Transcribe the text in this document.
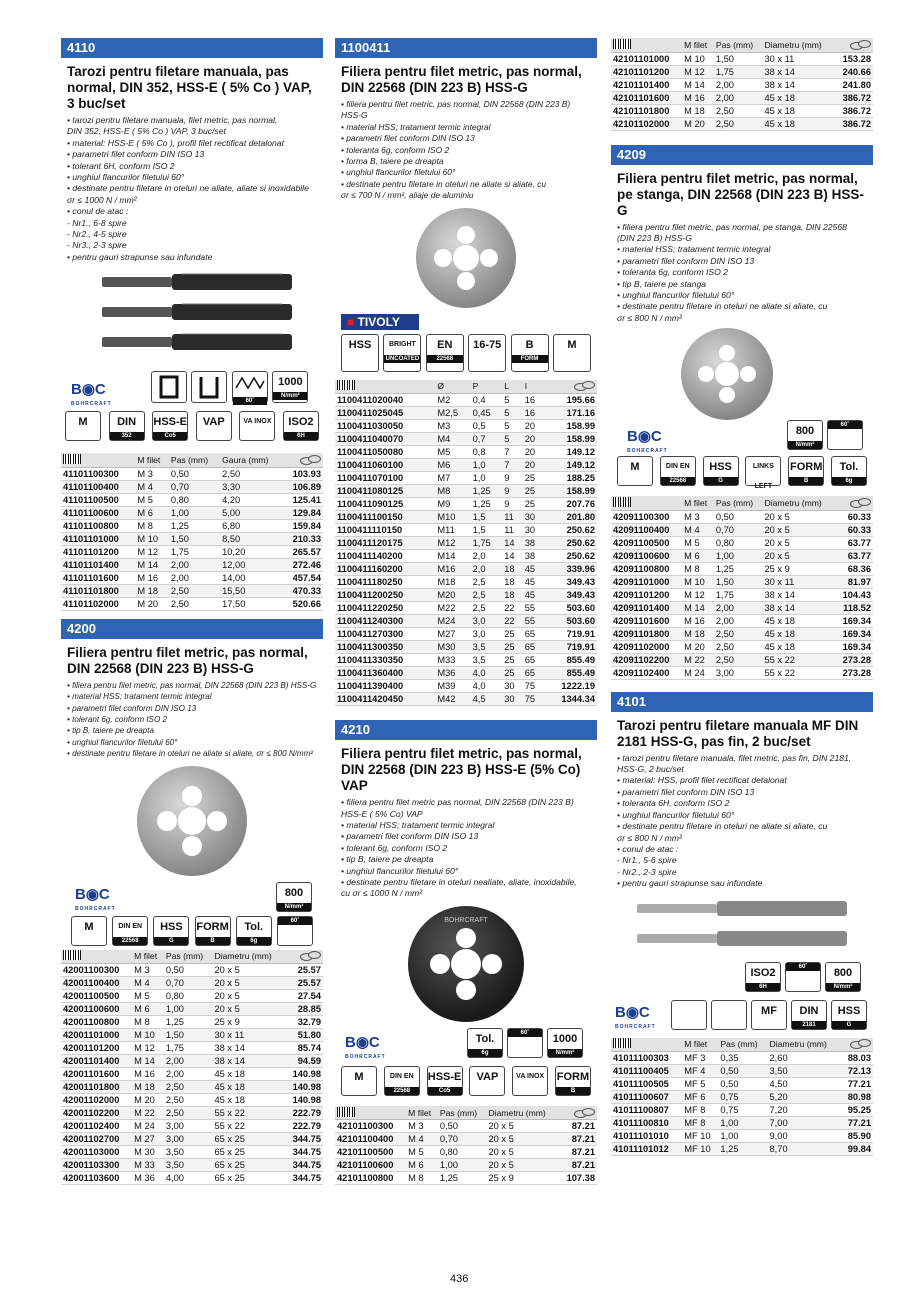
4110
Tarozi pentru filetare manuala, pas normal, DIN 352, HSS-E ( 5% Co ) VAP, 3 buc/set
• tarozi pentru filetare manuala, filet metric, pas normal,
DIN 352, HSS-E ( 5% Co ) VAP, 3 buc/set
• material: HSS-E ( 5% Co ), profil filet rectificat detalonat
• parametri filet conform DIN ISO 13
• tolerant 6H, conform ISO 2
• unghiul flancurilor filetului 60°
• destinate pentru filetare in oteluri ne aliate, aliate si inoxidabile
σr ≤ 1000 N / mm²
• conul de atac :
- Nr1., 6-8 spire
- Nr2., 4-5 spire
- Nr3., 2-3 spire
• pentru gauri strapunse sau infundate
B◉C
BOHRCRAFT
	60˚

1000
N/mm²
M	DIN
352
HSS-E
Co5
VAP	VA INOX	ISO2
6H
	M filet	Pas (mm)	Gaura (mm)	
41101100300	M 3	0,50	2,50	103.93
41101100400	M 4	0,70	3,30	106.89
41101100500	M 5	0,80	4,20	125.41
41101100600	M 6	1,00	5,00	129.84
41101100800	M 8	1,25	6,80	159.84
41101101000	M 10	1,50	8,50	210.33
41101101200	M 12	1,75	10,20	265.57
41101101400	M 14	2,00	12,00	272.46
41101101600	M 16	2,00	14,00	457.54
41101101800	M 18	2,50	15,50	470.33
41101102000	M 20	2,50	17,50	520.66
4200
Filiera pentru filet metric, pas normal, DIN 22568 (DIN 223 B) HSS-G
• filiera pentru filet metric, pas normal, DIN 22568 (DIN 223 B) HSS-G
• material HSS; tratament termic integral
• parametri filet conform DIN ISO 13
• tolerant 6g, conform ISO 2
• tip B, taiere pe dreapta
• unghiul flancurilor filetului 60°
• destinate pentru filetare in oteluri ne aliate si aliate, σr ≤ 800 N/mm²
B◉C
BOHRCRAFT
800
N/mm²
M	DIN EN
22568
HSS
G
FORM
B
Tol.
6g
60˚
	M filet	Pas (mm)	Diametru (mm)	
42001100300	M 3	0,50	20 x 5	25.57
42001100400	M 4	0,70	20 x 5	25.57
42001100500	M 5	0,80	20 x 5	27.54
42001100600	M 6	1,00	20 x 5	28.85
42001100800	M 8	1,25	25 x 9	32.79
42001101000	M 10	1,50	30 x 11	51.80
42001101200	M 12	1,75	38 x 14	85.74
42001101400	M 14	2,00	38 x 14	94.59
42001101600	M 16	2,00	45 x 18	140.98
42001101800	M 18	2,50	45 x 18	140.98
42001102000	M 20	2,50	45 x 18	140.98
42001102200	M 22	2,50	55 x 22	222.79
42001102400	M 24	3,00	55 x 22	222.79
42001102700	M 27	3,00	65 x 25	344.75
42001103000	M 30	3,50	65 x 25	344.75
42001103300	M 33	3,50	65 x 25	344.75
42001103600	M 36	4,00	65 x 25	344.75
1100411
Filiera pentru filet metric, pas normal, DIN 22568 (DIN 223 B) HSS-G
• filiera pentru filet metric, pas normal, DIN 22568 (DIN 223 B) HSS-G
• material HSS; tratament termic integral
• parametri filet conform DIN ISO 13
• toleranta 6g, conform ISO 2
• forma B, taiere pe dreapta
• unghiul flancurilor filetului 60°
• destinate pentru filetare in oteluri ne aliate si aliate, cu
σr ≤ 700 N / mm², aliaje de aluminiu
■ TIVOLY
HSS	BRIGHT
UNCOATED
EN
22568
16-75	B
FORM
M
	Ø	P	L	I	
1100411020040	M2	0,4	5	16	195.66
1100411025045	M2,5	0,45	5	16	171.16
1100411030050	M3	0,5	5	20	158.99
1100411040070	M4	0,7	5	20	158.99
1100411050080	M5	0,8	7	20	149.12
1100411060100	M6	1,0	7	20	149.12
1100411070100	M7	1,0	9	25	188.25
1100411080125	M8	1,25	9	25	158.99
1100411090125	M9	1,25	9	25	207.76
1100411100150	M10	1,5	11	30	201.80
1100411110150	M11	1,5	11	30	250.62
1100411120175	M12	1,75	14	38	250.62
1100411140200	M14	2,0	14	38	250.62
1100411160200	M16	2,0	18	45	339.96
1100411180250	M18	2,5	18	45	349.43
1100411200250	M20	2,5	18	45	349.43
1100411220250	M22	2,5	22	55	503.60
1100411240300	M24	3,0	22	55	503.60
1100411270300	M27	3,0	25	65	719.91
1100411300350	M30	3,5	25	65	719.91
1100411330350	M33	3,5	25	65	855.49
1100411360400	M36	4,0	25	65	855.49
1100411390400	M39	4,0	30	75	1222.19
1100411420450	M42	4,5	30	75	1344.34
4210
Filiera pentru filet metric, pas normal, DIN 22568 (DIN 223 B) HSS-E (5% Co) VAP
• filiera pentru filet metric pas normal, DIN 22568 (DIN 223 B)
HSS-E ( 5% Co) VAP
• material HSS; tratament termic integral
• parametri filet conform DIN ISO 13
• tolerant 6g, conform ISO 2
• tip B, taiere pe dreapta
• unghiul flancurilor filetului 60°
• destinate pentru filetare in oteluri nealiate, aliate, inoxidabile,
cu σr ≤ 1000 N / mm²
BOHRCRAFT
B◉C
BOHRCRAFT
Tol.
6g
60˚	1000
N/mm²
M	DIN EN
22568
HSS-E
Co5
VAP	VA INOX FORM
B
	M filet	Pas (mm)	Diametru (mm)	
42101100300	M 3	0,50	20 x 5	87.21
42101100400	M 4	0,70	20 x 5	87.21
42101100500	M 5	0,80	20 x 5	87.21
42101100600	M 6	1,00	20 x 5	87.21
42101100800	M 8	1,25	25 x 9	107.38
	M filet	Pas (mm)	Diametru (mm)	
42101101000	M 10	1,50	30 x 11	153.28
42101101200	M 12	1,75	38 x 14	240.66
42101101400	M 14	2,00	38 x 14	241.80
42101101600	M 16	2,00	45 x 18	386.72
42101101800	M 18	2,50	45 x 18	386.72
42101102000	M 20	2,50	45 x 18	386.72
4209
Filiera pentru filet metric, pas normal, pe stanga, DIN 22568 (DIN 223 B) HSS-G
• filiera pentru filet metric, pas normal, pe stanga, DIN 22568
(DIN 223 B) HSS-G
• material HSS; tratament termic integral
• parametri filet conform DIN ISO 13
• toleranta 6g, conform ISO 2
• tip B, taiere pe stanga
• unghiul flancurilor filetului 60°
• destinate pentru filetare in oteluri ne aliate si aliate, cu
σr ≤ 800 N / mm²
B◉C
BOHRCRAFT
800
N/mm²
60˚
M	DIN EN
22568
HSS
G
LINKS LEFT
FORM
B
Tol.
6g
	M filet	Pas (mm)	Diametru (mm)	
42091100300	M 3	0,50	20 x 5	60.33
42091100400	M 4	0,70	20 x 5	60.33
42091100500	M 5	0,80	20 x 5	63.77
42091100600	M 6	1,00	20 x 5	63.77
42091100800	M 8	1,25	25 x 9	68.36
42091101000	M 10	1,50	30 x 11	81.97
42091101200	M 12	1,75	38 x 14	104.43
42091101400	M 14	2,00	38 x 14	118.52
42091101600	M 16	2,00	45 x 18	169.34
42091101800	M 18	2,50	45 x 18	169.34
42091102000	M 20	2,50	45 x 18	169.34
42091102200	M 22	2,50	55 x 22	273.28
42091102400	M 24	3,00	55 x 22	273.28
4101
Tarozi pentru filetare manuala MF DIN 2181 HSS-G, pas fin, 2 buc/set
• tarozi pentru filetare manuala, filet metric, pas fin, DIN 2181,
HSS-G, 2 buc/set
• material: HSS, profil filet rectificat detalonat
• parametri filet conform DIN ISO 13
• toleranta 6H, conform ISO 2
• unghiul flancurilor filetului 60°
• destinate pentru filetare in oteluri ne aliate si aliate, cu
σr ≤ 800 N / mm²
• conul de atac :
- Nr1., 5-6 spire
- Nr2., 2-3 spire
• pentru gauri strapunse sau infundate
ISO2
6H
60˚	800
N/mm²
B◉C
BOHRCRAFT
MF	DIN
2181
HSS
G
	M filet	Pas (mm)	Diametru (mm)	
41011100303	MF 3	0,35	2,60	88.03
41011100405	MF 4	0,50	3,50	72.13
41011100505	MF 5	0,50	4,50	77.21
41011100607	MF 6	0,75	5,20	80.98
41011100807	MF 8	0,75	7,20	95.25
41011100810	MF 8	1,00	7,00	77.21
41011101010	MF 10	1,00	9,00	85.90
41011101012	MF 10	1,25	8,70	99.84
436
